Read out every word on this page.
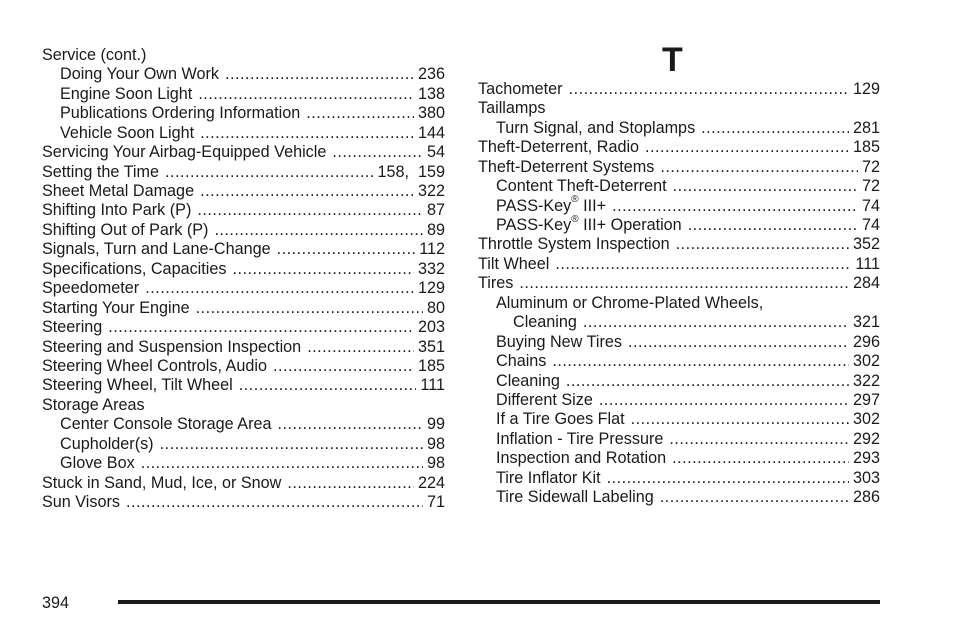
Service (cont.)
Doing Your Own Work .....	236
Engine Soon Light .....	138
Publications Ordering Information .....	380
Vehicle Soon Light .....	144
Servicing Your Airbag-Equipped Vehicle .....	54
Setting the Time .....	158,  159
Sheet Metal Damage .....	322
Shifting Into Park (P) .....	87
Shifting Out of Park (P) .....	89
Signals, Turn and Lane-Change .....	112
Specifications, Capacities .....	332
Speedometer .....	129
Starting Your Engine .....	80
Steering .....	203
Steering and Suspension Inspection .....	351
Steering Wheel Controls, Audio .....	185
Steering Wheel, Tilt Wheel .....	111
Storage Areas
Center Console Storage Area .....	99
Cupholder(s) .....	98
Glove Box .....	98
Stuck in Sand, Mud, Ice, or Snow .....	224
Sun Visors .....	71
T
Tachometer .....	129
Taillamps
Turn Signal, and Stoplamps .....	281
Theft-Deterrent, Radio .....	185
Theft-Deterrent Systems .....	72
Content Theft-Deterrent .....	72
PASS-Key® III+ .....	74
PASS-Key® III+ Operation .....	74
Throttle System Inspection .....	352
Tilt Wheel .....	111
Tires .....	284
Aluminum or Chrome-Plated Wheels,
Cleaning .....	321
Buying New Tires .....	296
Chains .....	302
Cleaning .....	322
Different Size .....	297
If a Tire Goes Flat .....	302
Inflation - Tire Pressure .....	292
Inspection and Rotation .....	293
Tire Inflator Kit .....	303
Tire Sidewall Labeling .....	286
394
